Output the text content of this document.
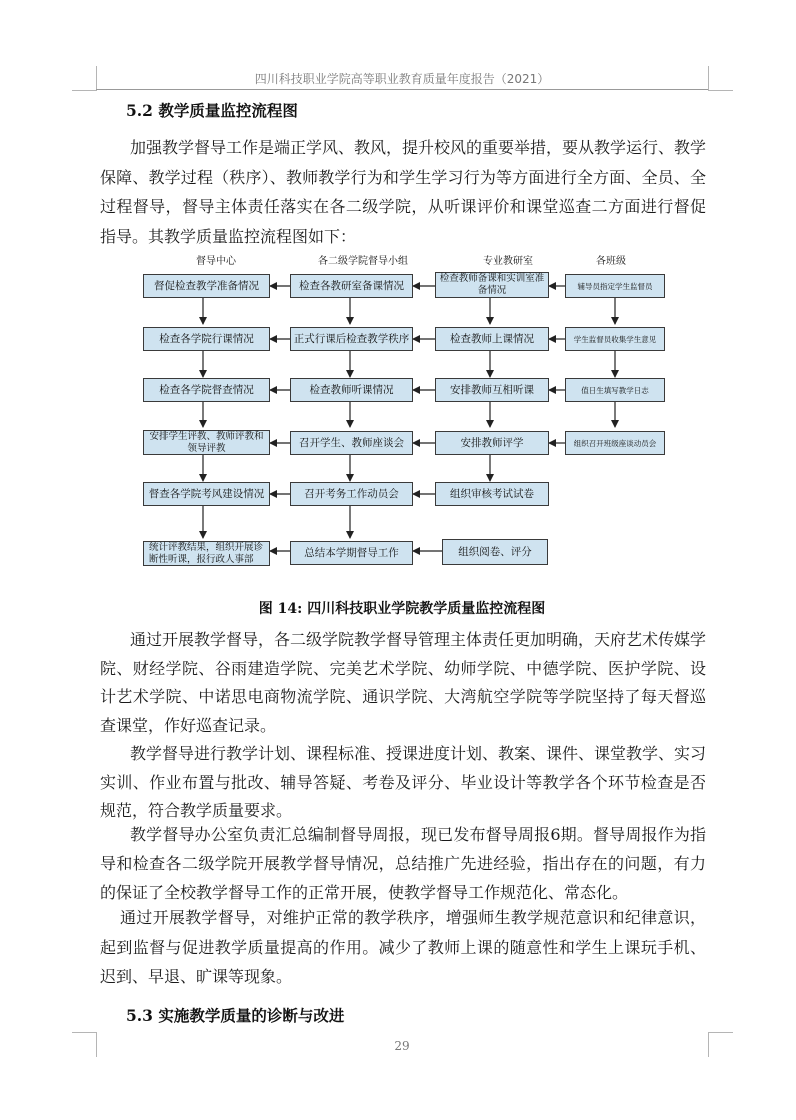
四川科技职业学院高等职业教育质量年度报告（2021）
5.2 教学质量监控流程图

加强教学督导工作是端正学风、教风，提升校风的重要举措，要从教学运行、教学保障、教学过程（秩序）、教师教学行为和学生学习行为等方面进行全方面、全员、全过程督导，督导主体责任落实在各二级学院，从听课评价和课堂巡查二方面进行督促指导。其教学质量监控流程图如下：

督导中心	各二级学院督导小组	专业教研室	各班级
督促检查教学准备情况
检查各学院行课情况
检查各学院督查情况
安排学生评教、教师评教和领导评教
督查各学院考风建设情况
统计评教结果，组织开展诊断性听课，报行政人事部
检查各教研室备课情况
正式行课后检查教学秩序
检查教师听课情况
召开学生、教师座谈会
召开考务工作动员会
总结本学期督导工作
检查教师备课和实训室准备情况
检查教师上课情况
安排教师互相听课
安排教师评学
组织审核考试试卷
组织阅卷、评分
辅导员指定学生监督员
学生监督员收集学生意见
值日生填写教学日志
组织召开班级座谈动员会
图 14: 四川科技职业学院教学质量监控流程图

通过开展教学督导，各二级学院教学督导管理主体责任更加明确，天府艺术传媒学院、财经学院、谷雨建造学院、完美艺术学院、幼师学院、中德学院、医护学院、设计艺术学院、中诺思电商物流学院、通识学院、大湾航空学院等学院坚持了每天督巡查课堂，作好巡查记录。

教学督导进行教学计划、课程标准、授课进度计划、教案、课件、课堂教学、实习实训、作业布置与批改、辅导答疑、考卷及评分、毕业设计等教学各个环节检查是否规范，符合教学质量要求。

教学督导办公室负责汇总编制督导周报，现已发布督导周报6期。督导周报作为指导和检查各二级学院开展教学督导情况，总结推广先进经验，指出存在的问题，有力的保证了全校教学督导工作的正常开展，使教学督导工作规范化、常态化。

通过开展教学督导，对维护正常的教学秩序，增强师生教学规范意识和纪律意识，起到监督与促进教学质量提高的作用。减少了教师上课的随意性和学生上课玩手机、迟到、早退、旷课等现象。

5.3 实施教学质量的诊断与改进
29
